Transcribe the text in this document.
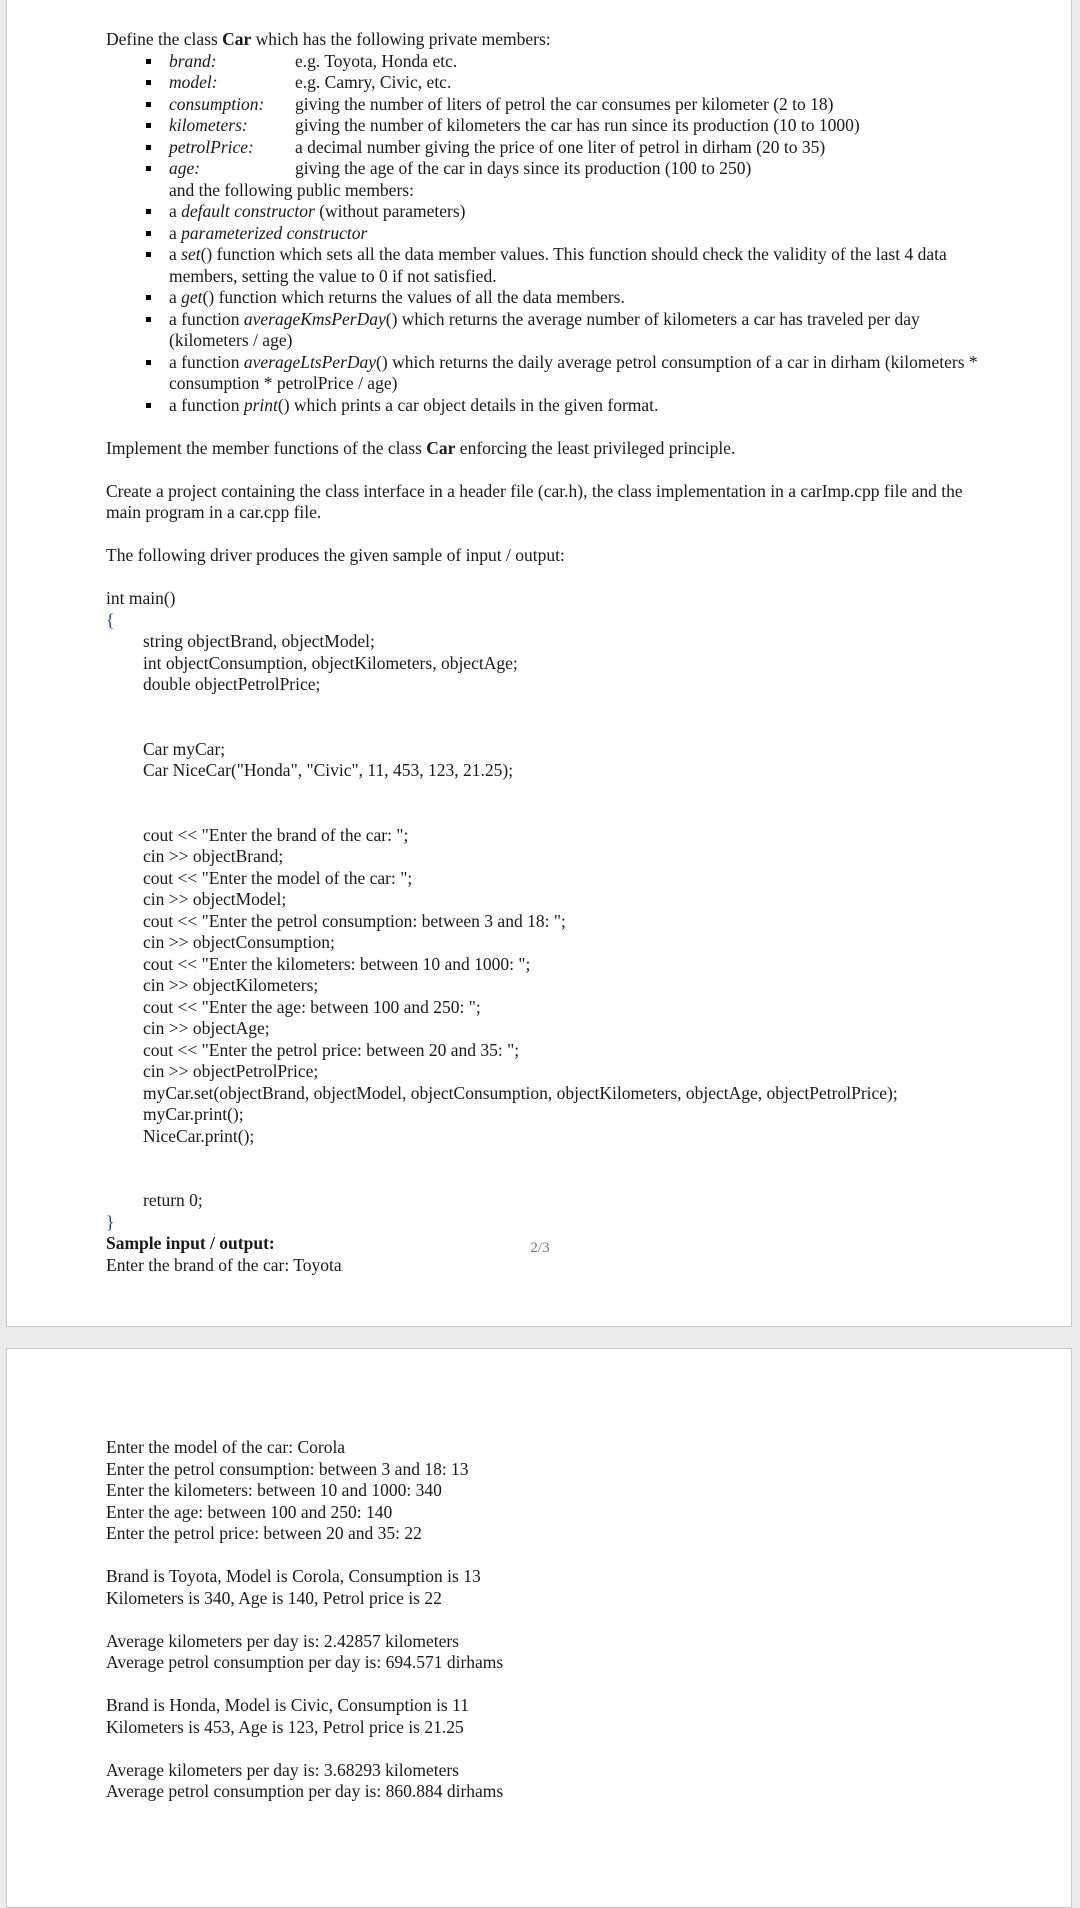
Define the class Car which has the following private members:
brand:	e.g. Toyota, Honda etc.
model:	e.g. Camry, Civic, etc.
consumption: giving the number of liters of petrol the car consumes per kilometer (2 to 18)
kilometers:	giving the number of kilometers the car has run since its production (10 to 1000)
petrolPrice: a decimal number giving the price of one liter of petrol in dirham (20 to 35)
age:	giving the age of the car in days since its production (100 to 250)
and the following public members:
a default constructor (without parameters)
a parameterized constructor
a set() function which sets all the data member values. This function should check the validity of the last 4 data members, setting the value to 0 if not satisfied.
a get() function which returns the values of all the data members.
a function averageKmsPerDay() which returns the average number of kilometers a car has traveled per day (kilometers / age)
a function averageLtsPerDay() which returns the daily average petrol consumption of a car in dirham (kilometers * consumption * petrolPrice / age)
a function print() which prints a car object details in the given format.
Implement the member functions of the class Car enforcing the least privileged principle.
Create a project containing the class interface in a header file (car.h), the class implementation in a carImp.cpp file and the main program in a car.cpp file.
The following driver produces the given sample of input / output:
int main()
{
string objectBrand, objectModel;
int objectConsumption, objectKilometers, objectAge;
double objectPetrolPrice;
Car myCar;
Car NiceCar("Honda", "Civic", 11, 453, 123, 21.25);
cout << "Enter the brand of the car: ";
cin >> objectBrand;
cout << "Enter the model of the car: ";
cin >> objectModel;
cout << "Enter the petrol consumption: between 3 and 18: ";
cin >> objectConsumption;
cout << "Enter the kilometers: between 10 and 1000: ";
cin >> objectKilometers;
cout << "Enter the age: between 100 and 250: ";
cin >> objectAge;
cout << "Enter the petrol price: between 20 and 35: ";
cin >> objectPetrolPrice;
myCar.set(objectBrand, objectModel, objectConsumption, objectKilometers, objectAge, objectPetrolPrice);
myCar.print();
NiceCar.print();
return 0;
}
Sample input / output:
Enter the brand of the car: Toyota
2/3
Enter the model of the car: Corola
Enter the petrol consumption: between 3 and 18: 13
Enter the kilometers: between 10 and 1000: 340
Enter the age: between 100 and 250: 140
Enter the petrol price: between 20 and 35: 22
Brand is Toyota, Model is Corola, Consumption is 13
Kilometers is 340, Age is 140, Petrol price is 22
Average kilometers per day is: 2.42857 kilometers
Average petrol consumption per day is: 694.571 dirhams
Brand is Honda, Model is Civic, Consumption is 11
Kilometers is 453, Age is 123, Petrol price is 21.25
Average kilometers per day is: 3.68293 kilometers
Average petrol consumption per day is: 860.884 dirhams
